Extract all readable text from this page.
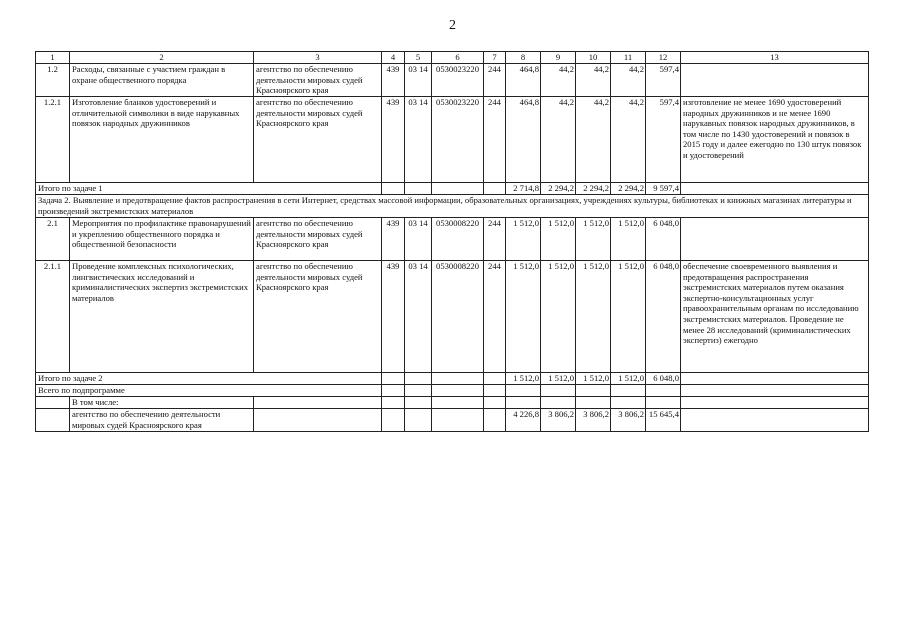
2
1	2	3	4	5	6	7	8	9	10	11	12	13
1.2	Расходы, связанные с участием граждан в охране общественного порядка	агентство по обеспечению деятельности мировых судей Красноярского края	439	03 14	0530023220	244	464,8	44,2	44,2	44,2	597,4	
1.2.1	Изготовление бланков удостоверений и отличительной символики в виде нарукавных повязок народных дружинников	агентство по обеспечению деятельности мировых судей Красноярского края	439	03 14	0530023220	244	464,8	44,2	44,2	44,2	597,4	изготовление не менее 1690 удостоверений народных дружинников и не менее 1690 нарукавных повязок народных дружинников, в том числе по 1430 удостоверений и повязок в 2015 году и далее ежегодно по 130 штук повязок и удостоверений
Итого по задаче 1							2 714,8	2 294,2	2 294,2	2 294,2	9 597,4	
Задача 2. Выявление и предотвращение фактов распространения в сети Интернет, средствах массовой информации, образовательных организациях, учреждениях культуры, библиотеках и книжных магазинах литературы и произведений экстремистских материалов												
2.1	Мероприятия по профилактике правонарушений и укреплению общественного порядка и общественной безопасности	агентство по обеспечению деятельности мировых судей Красноярского края	439	03 14	0530008220	244	1 512,0	1 512,0	1 512,0	1 512,0	6 048,0	
2.1.1	Проведение комплексных психологических, лингвистических исследований и криминалистических экспертиз экстремистских материалов	агентство по обеспечению деятельности мировых судей Красноярского края	439	03 14	0530008220	244	1 512,0	1 512,0	1 512,0	1 512,0	6 048,0	обеспечение своевременного выявления и предотвращения распространения экстремистских материалов путем оказания экспертно-консультационных услуг правоохранительным органам по исследованию экстремистских материалов. Проведение не менее 28 исследований (криминалистических экспертиз) ежегодно
Итого по задаче 2							1 512,0	1 512,0	1 512,0	1 512,0	6 048,0	
Всего по подпрограмме												
	В том числе:											
	агентство по обеспечению деятельности мировых судей Красноярского края						4 226,8	3 806,2	3 806,2	3 806,2	15 645,4	
